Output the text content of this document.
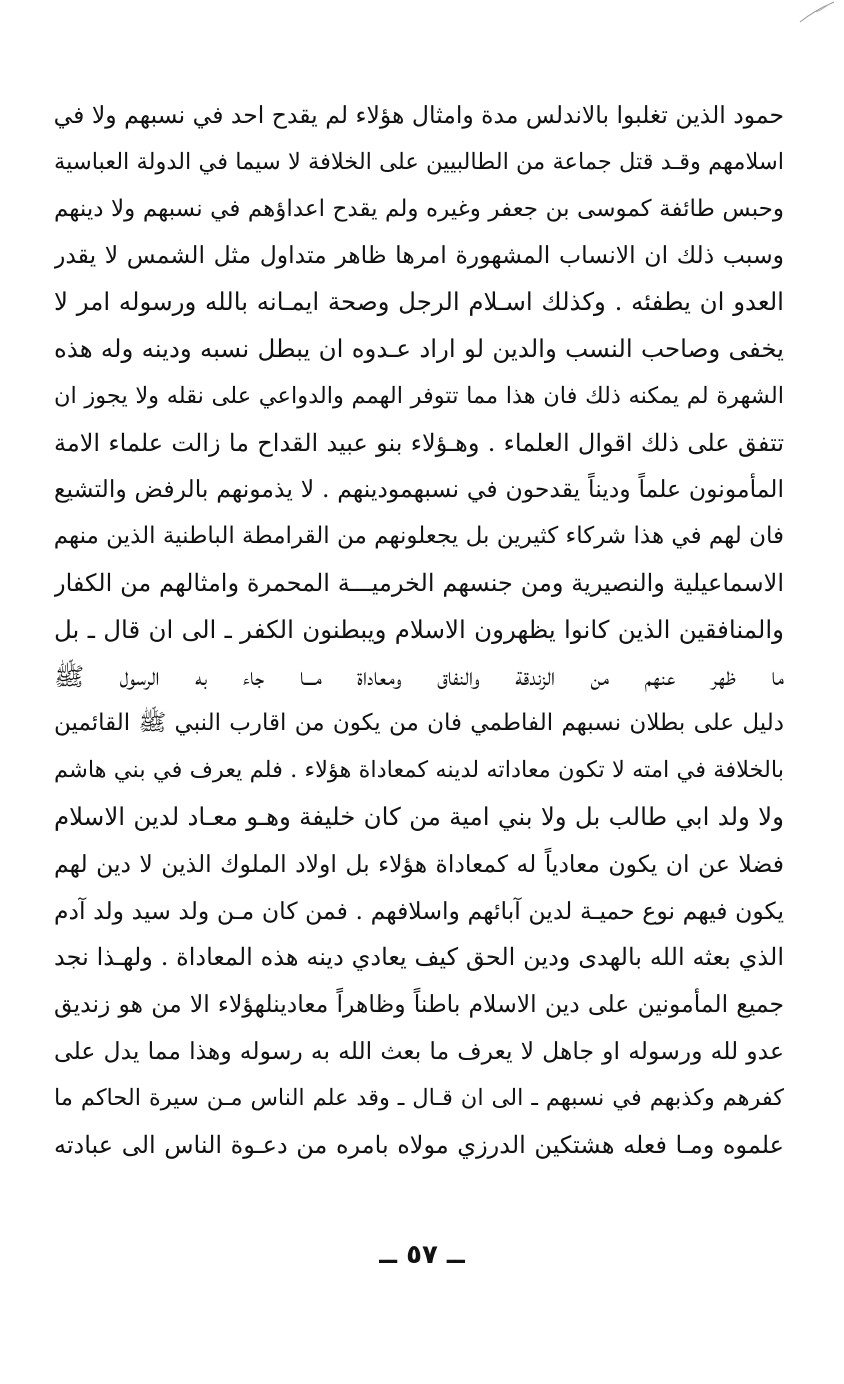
حمود الذين تغلبوا بالاندلس مدة وامثال هؤلاء لم يقدح احد في نسبهم ولا في
اسلامهم وقـد قتل جماعة من الطالبيين على الخلافة لا سيما في الدولة العباسية
وحبس طائفة كموسى بن جعفر وغيره ولم يقدح اعداؤهم في نسبهم ولا دينهم
وسبب ذلك ان الانساب المشهورة امرها ظاهر متداول مثل الشمس لا يقدر
العدو ان يطفئه . وكذلك اسـلام الرجل وصحة ايمـانه بالله ورسوله امر لا
يخفى وصاحب النسب والدين لو اراد عـدوه ان يبطل نسبه ودينه وله هذه
الشهرة لم يمكنه ذلك فان هذا مما تتوفر الهمم والدواعي على نقله ولا يجوز ان
تتفق على ذلك اقوال العلماء . وهـؤلاء بنو عبيد القداح ما زالت علماء الامة
المأمونون علماً وديناً يقدحون في نسبهمودينهم . لا يذمونهم بالرفض والتشيع
فان لهم في هذا شركاء كثيرين بل يجعلونهم من القرامطة الباطنية الذين منهم
الاسماعيلية والنصيرية ومن جنسهم الخرميـــة المحمرة وامثالهم من الكفار
والمنافقين الذين كانوا يظهرون الاسلام ويبطنون الكفر ـ الى ان قال ـ بل
ما ظهر عنهم من الزندقة والنفاق ومعاداة مـــا جاء به الرسول ﷺ
دليل على بطلان نسبهم الفاطمي فان من يكون من اقارب النبي ﷺ القائمين
بالخلافة في امته لا تكون معاداته لدينه كمعاداة هؤلاء . فلم يعرف في بني هاشم
ولا ولد ابي طالب بل ولا بني امية من كان خليفة وهـو معـاد لدين الاسلام
فضلا عن ان يكون معادياً له كمعاداة هؤلاء بل اولاد الملوك الذين لا دين لهم
يكون فيهم نوع حميـة لدين آبائهم واسلافهم . فمن كان مـن ولد سيد ولد آدم
الذي بعثه الله بالهدى ودين الحق كيف يعادي دينه هذه المعاداة . ولهـذا نجد
جميع المأمونين على دين الاسلام باطناً وظاهراً معادينلهؤلاء الا من هو زنديق
عدو لله ورسوله او جاهل لا يعرف ما بعث الله به رسوله وهذا مما يدل على
كفرهم وكذبهم في نسبهم ـ الى ان قـال ـ وقد علم الناس مـن سيرة الحاكم ما
علموه ومـا فعله هشتكين الدرزي مولاه بامره من دعـوة الناس الى عبادته
ــ ٥٧ ــ
